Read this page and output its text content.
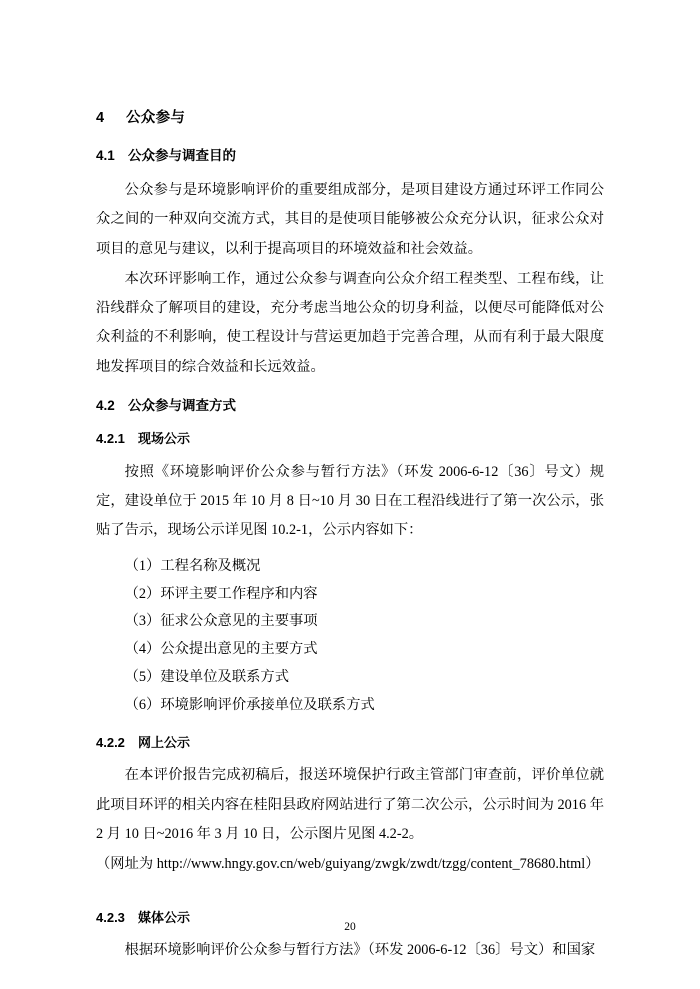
4 公众参与
4.1 公众参与调查目的

公众参与是环境影响评价的重要组成部分，是项目建设方通过环评工作同公众之间的一种双向交流方式，其目的是使项目能够被公众充分认识，征求公众对项目的意见与建议，以利于提高项目的环境效益和社会效益。

本次环评影响工作，通过公众参与调查向公众介绍工程类型、工程布线，让沿线群众了解项目的建设，充分考虑当地公众的切身利益，以便尽可能降低对公众利益的不利影响，使工程设计与营运更加趋于完善合理，从而有利于最大限度地发挥项目的综合效益和长远效益。

4.2 公众参与调查方式
4.2.1 现场公示

按照《环境影响评价公众参与暂行方法》（环发 2006-6-12〔36〕号文）规定，建设单位于 2015 年 10 月 8 日~10 月 30 日在工程沿线进行了第一次公示，张贴了告示，现场公示详见图 10.2-1，公示内容如下：

（1）工程名称及概况

（2）环评主要工作程序和内容

（3）征求公众意见的主要事项

（4）公众提出意见的主要方式

（5）建设单位及联系方式

（6）环境影响评价承接单位及联系方式

4.2.2 网上公示

在本评价报告完成初稿后，报送环境保护行政主管部门审查前，评价单位就此项目环评的相关内容在桂阳县政府网站进行了第二次公示，公示时间为 2016 年 2 月 10 日~2016 年 3 月 10 日，公示图片见图 4.2-2。

（网址为 http://www.hngy.gov.cn/web/guiyang/zwgk/zwdt/tzgg/content_78680.html）

4.2.3 媒体公示

根据环境影响评价公众参与暂行方法》（环发 2006-6-12〔36〕号文）和国家

20
